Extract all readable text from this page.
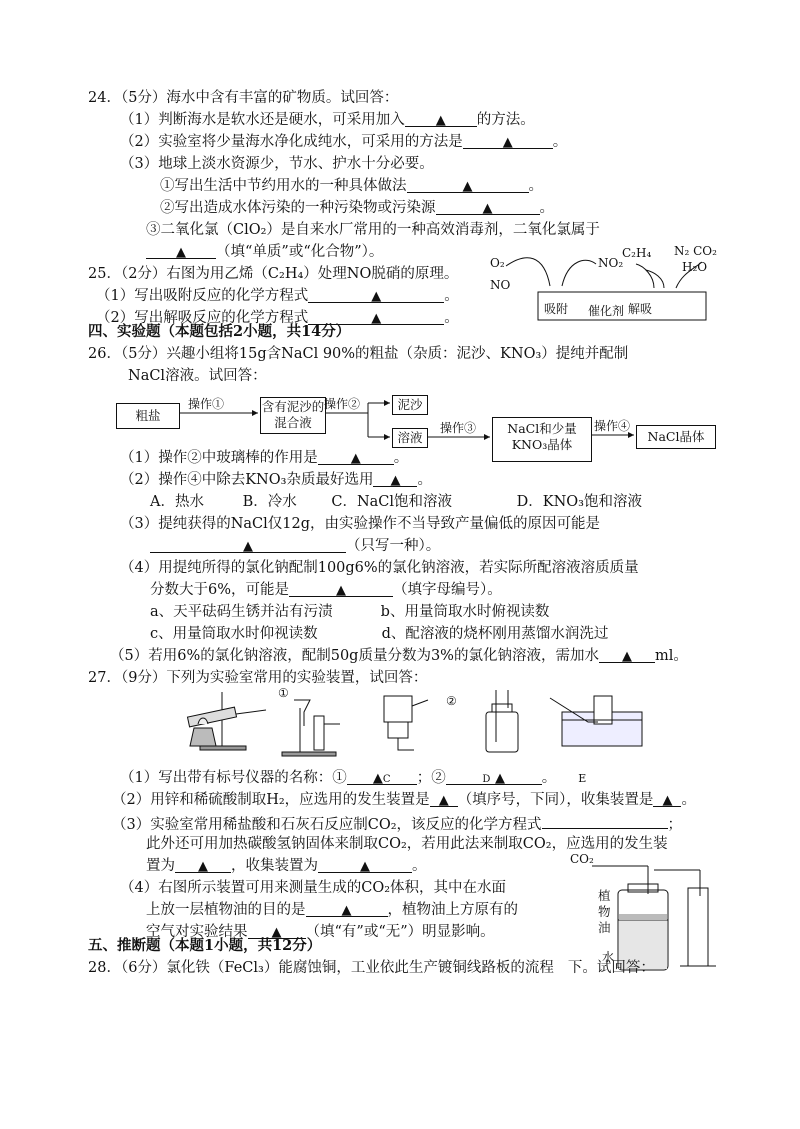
24．（5分）海水中含有丰富的矿物质。试回答：
（1）判断海水是软水还是硬水，可采用加入 ▲ 的方法。
（2）实验室将少量海水净化成纯水，可采用的方法是	▲	。
（3）地球上淡水资源少，节水、护水十分必要。
①写出生活中节约用水的一种具体做法	▲	。
②写出造成水体污染的一种污染物或污染源	▲	。
③二氧化氯（ClO₂）是自来水厂常用的一种高效消毒剂，二氧化氯属于
▲ （填“单质”或“化合物”）。
25．（2分）右图为用乙烯（C₂H₄）处理NO脱硝的原理。
（1）写出吸附反应的化学方程式	▲	。
（2）写出解吸反应的化学方程式	▲	。
O₂
NO
NO₂
C₂H₄ N₂ CO₂
H₂O
吸附 催化剂 解吸
四、实验题（本题包括2小题，共14分）
26．（5分）兴趣小组将15g含NaCl 90%的粗盐（杂质：泥沙、KNO₃）提纯并配制
NaCl溶液。试回答：
粗盐
操作①	含有泥沙的
混合液
操作②	泥沙
溶液
操作③	NaCl和少量
KNO₃晶体
操作④
NaCl晶体
（1）操作②中玻璃棒的作用是	▲ 。
（2）操作④中除去KNO₃杂质最好选用 ▲ 。
A．热水	B．冷水 C．NaCl饱和溶液	D．KNO₃饱和溶液
（3）提纯获得的NaCl仅12g，由实验操作不当导致产量偏低的原因可能是
▲	（只写一种）。
（4）用提纯所得的氯化钠配制100g6%的氯化钠溶液，若实际所配溶液溶质质量
分数大于6%，可能是	▲	（填字母编号）。
a、天平砝码生锈并沾有污渍	b、用量筒取水时俯视读数
c、用量筒取水时仰视读数	d、配溶液的烧杯刚用蒸馏水润洗过
（5）若用6%的氯化钠溶液，配制50g质量分数为3%的氯化钠溶液，需加水 ▲ ml。
27．（9分）下列为实验室常用的实验装置，试回答：
①
②
（1）写出带有标号仪器的名称：① ▲C ；②	D ▲	。 E
（2）用锌和稀硫酸制取H₂，应选用的发生装置是 ▲ （填序号，下同），收集装置是 ▲ 。
（3）实验室常用稀盐酸和石灰石反应制CO₂，该反应的化学方程式	；
此外还可用加热碳酸氢钠固体来制取CO₂，若用此法来制取CO₂，应选用的发生装
置为 ▲ ，收集装置为	▲	。
（4）右图所示装置可用来测量生成的CO₂体积，其中在水面
上放一层植物油的目的是	▲ ，植物油上方原有的
空气对实验结果 ▲ （填“有”或“无”）明显影响。
CO₂
植物油
水
五、推断题（本题1小题，共12分）
28．（6分）氯化铁（FeCl₃）能腐蚀铜，工业依此生产镀铜线路板的流程 下。试回答：
